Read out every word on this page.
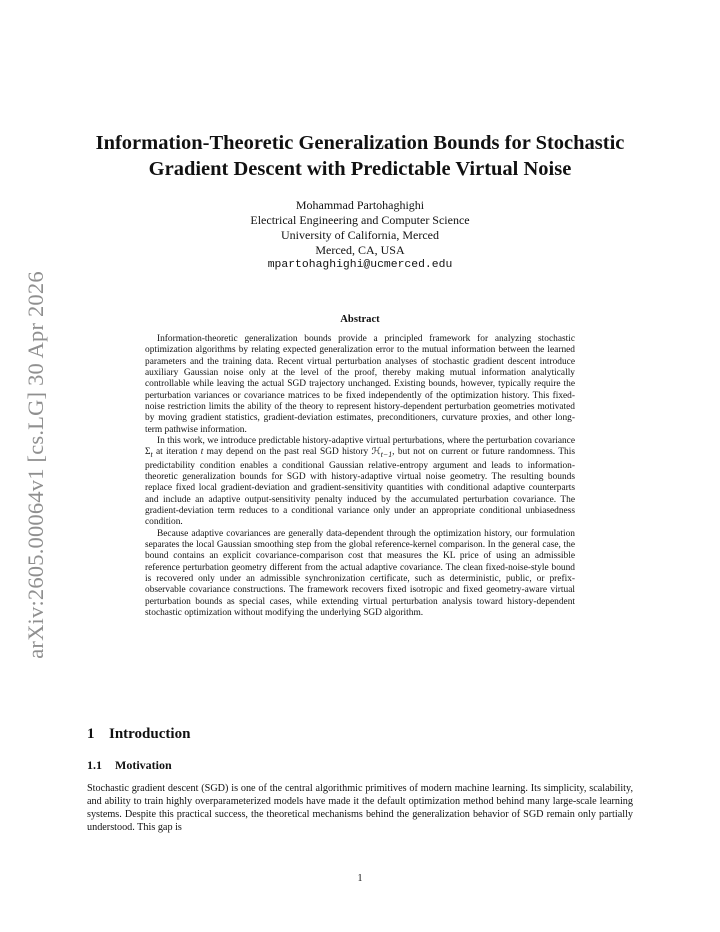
arXiv:2605.00064v1 [cs.LG] 30 Apr 2026
Information-Theoretic Generalization Bounds for Stochastic Gradient Descent with Predictable Virtual Noise
Mohammad Partohaghighi
Electrical Engineering and Computer Science
University of California, Merced
Merced, CA, USA
mpartohaghighi@ucmerced.edu
Abstract

Information-theoretic generalization bounds provide a principled framework for analyzing stochastic optimization algorithms by relating expected generalization error to the mutual information between the learned parameters and the training data. Recent virtual perturbation analyses of stochastic gradient descent introduce auxiliary Gaussian noise only at the level of the proof, thereby making mutual information analytically controllable while leaving the actual SGD trajectory unchanged. Existing bounds, however, typically require the perturbation variances or covariance matrices to be fixed independently of the optimization history. This fixed-noise restriction limits the ability of the theory to represent history-dependent perturbation geometries motivated by moving gradient statistics, gradient-deviation estimates, preconditioners, curvature proxies, and other long-term pathwise information.

In this work, we introduce predictable history-adaptive virtual perturbations, where the perturbation covariance $\Sigma_t$ at iteration t may depend on the past real SGD history ℋ$_{t-1}$, but not on current or future randomness. This predictability condition enables a conditional Gaussian relative-entropy argument and leads to information-theoretic generalization bounds for SGD with history-adaptive virtual noise geometry. The resulting bounds replace fixed local gradient-deviation and gradient-sensitivity quantities with conditional adaptive counterparts and include an adaptive output-sensitivity penalty induced by the accumulated perturbation covariance. The gradient-deviation term reduces to a conditional variance only under an appropriate conditional unbiasedness condition.

Because adaptive covariances are generally data-dependent through the optimization history, our formulation separates the local Gaussian smoothing step from the global reference-kernel comparison. In the general case, the bound contains an explicit covariance-comparison cost that measures the KL price of using an admissible reference perturbation geometry different from the actual adaptive covariance. The clean fixed-noise-style bound is recovered only under an admissible synchronization certificate, such as deterministic, public, or prefix-observable covariance constructions. The framework recovers fixed isotropic and fixed geometry-aware virtual perturbation bounds as special cases, while extending virtual perturbation analysis toward history-dependent stochastic optimization without modifying the underlying SGD algorithm.

1 Introduction
1.1 Motivation

Stochastic gradient descent (SGD) is one of the central algorithmic primitives of modern machine learning. Its simplicity, scalability, and ability to train highly overparameterized models have made it the default optimization method behind many large-scale learning systems. Despite this practical success, the theoretical mechanisms behind the generalization behavior of SGD remain only partially understood. This gap is

1
